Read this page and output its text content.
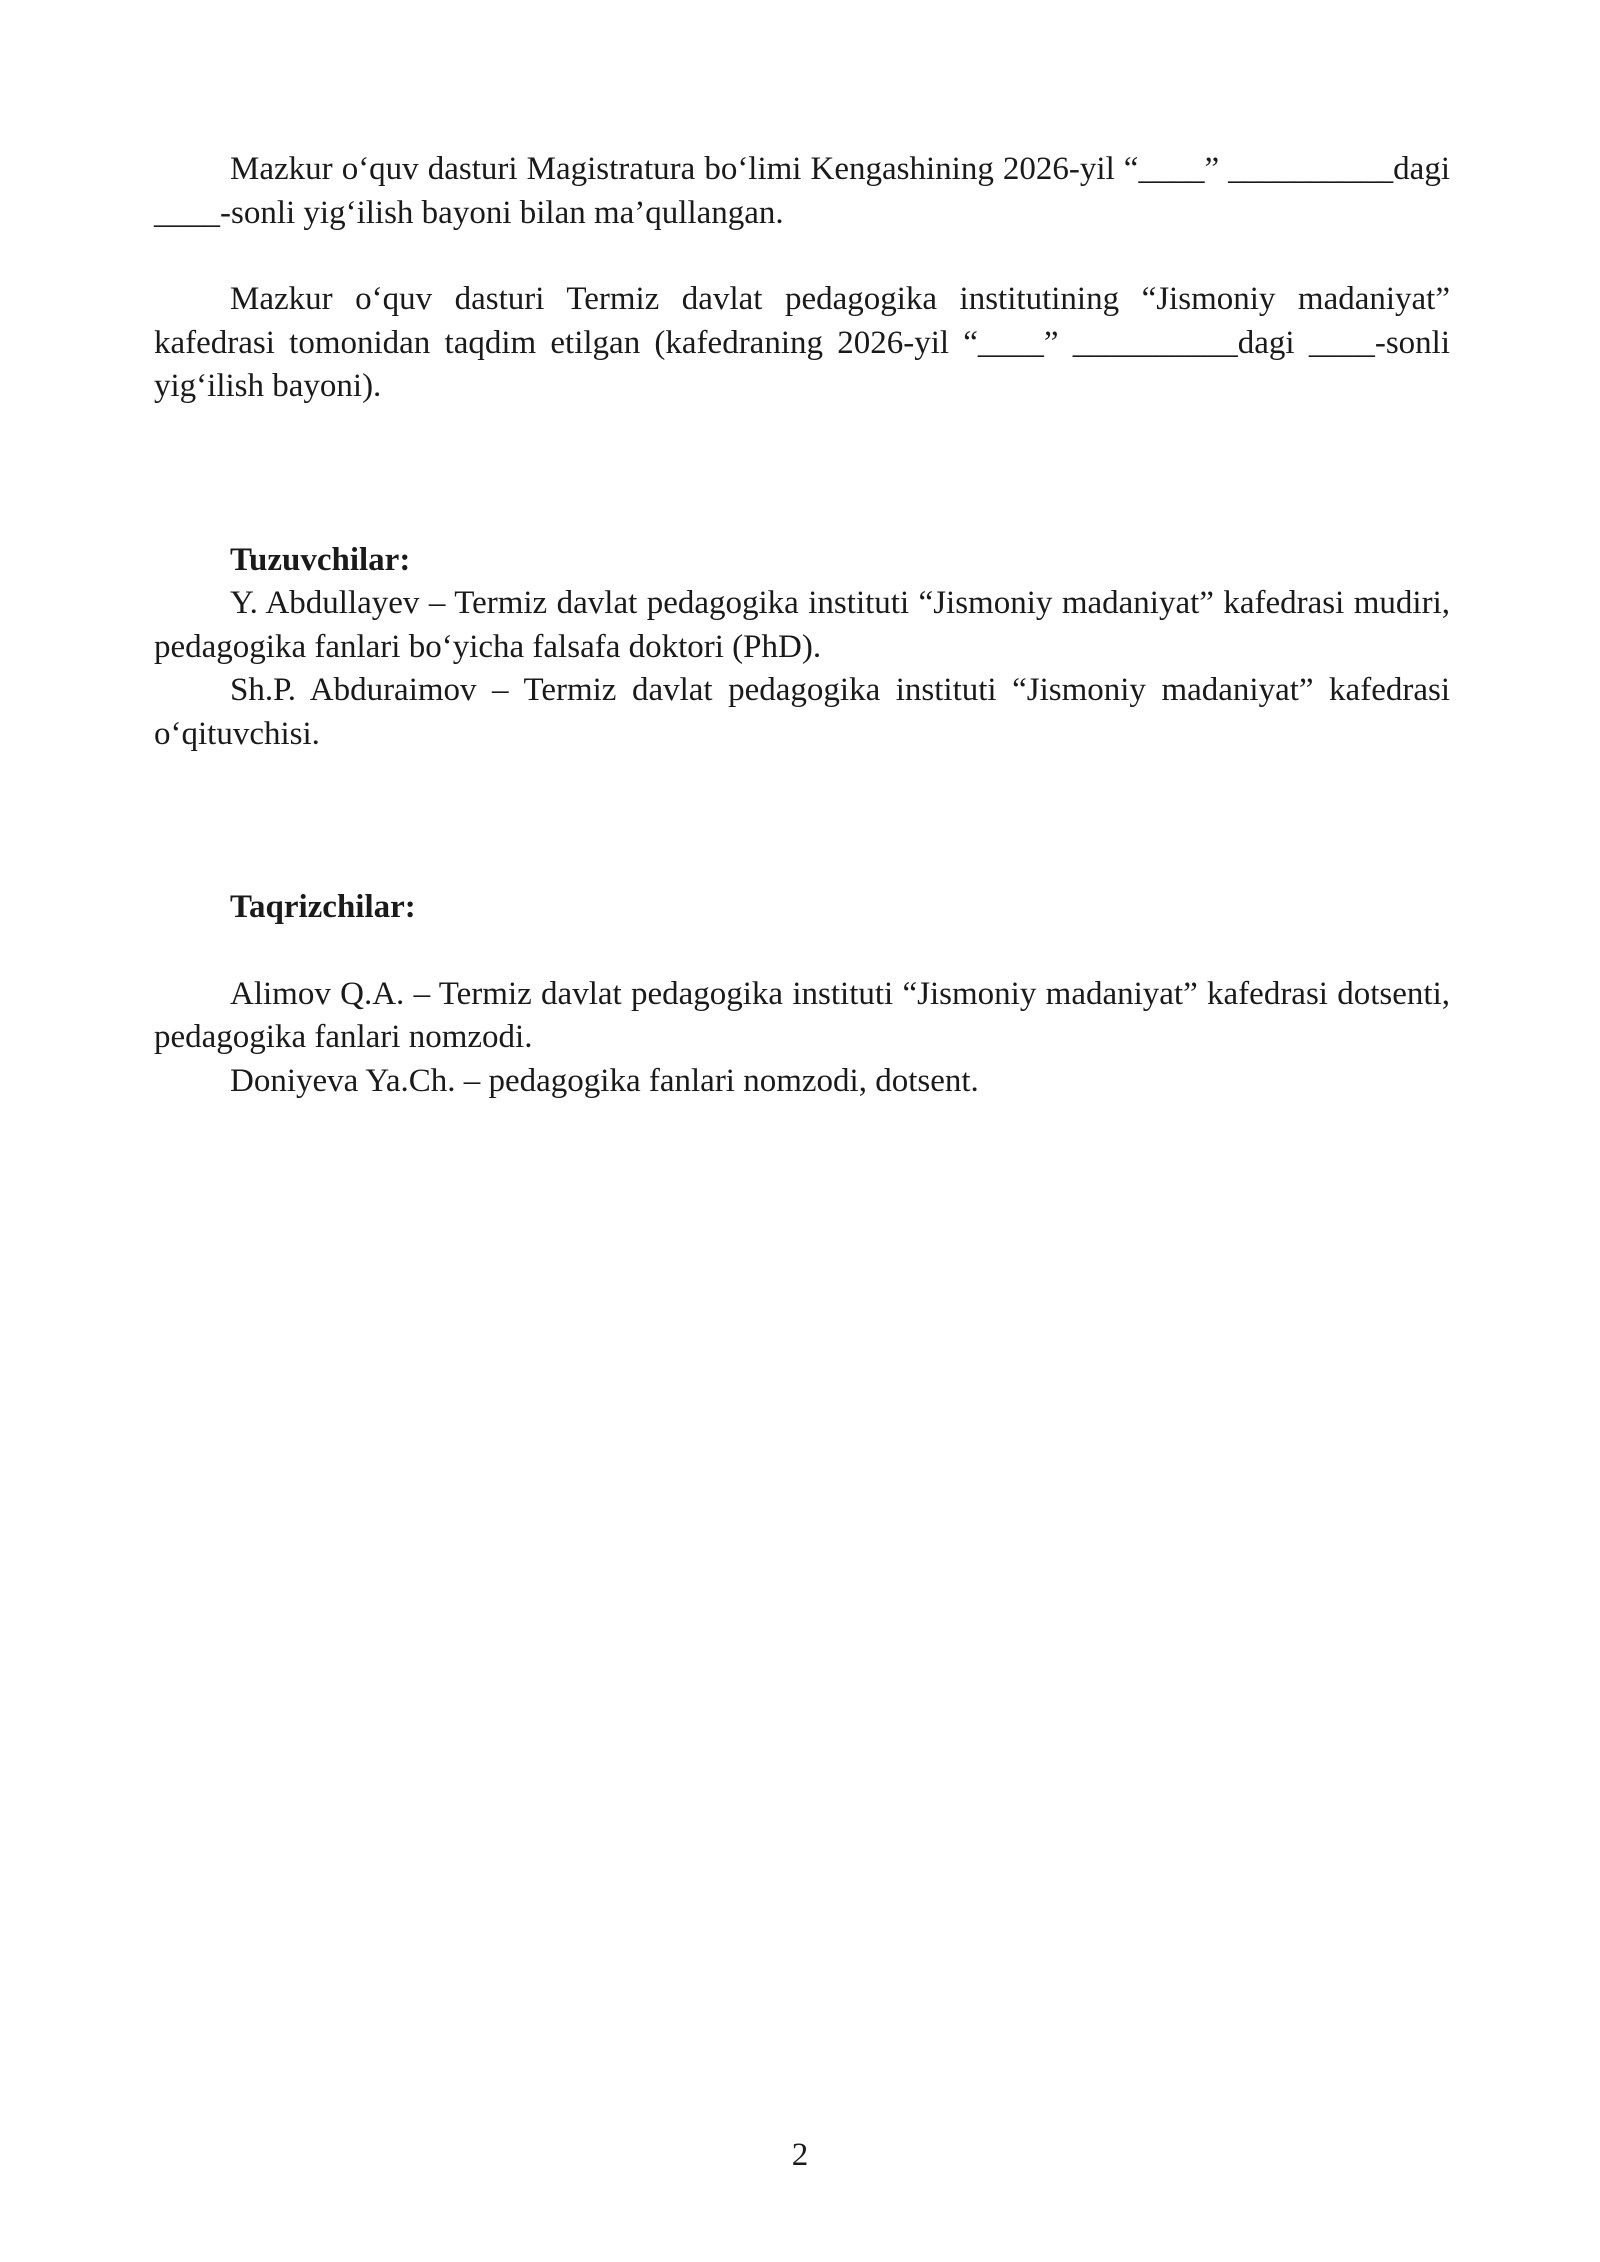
Mazkur o‘quv dasturi Magistratura bo‘limi Kengashining 2026-yil “____” __________dagi ____-sonli yig‘ilish bayoni bilan ma’qullangan.

Mazkur o‘quv dasturi Termiz davlat pedagogika institutining “Jismoniy madaniyat” kafedrasi tomonidan taqdim etilgan (kafedraning 2026-yil “____” __________dagi ____-sonli yig‘ilish bayoni).

Tuzuvchilar:

Y. Abdullayev – Termiz davlat pedagogika instituti “Jismoniy madaniyat” kafedrasi mudiri, pedagogika fanlari bo‘yicha falsafa doktori (PhD).

Sh.P. Abduraimov – Termiz davlat pedagogika instituti “Jismoniy madaniyat” kafedrasi o‘qituvchisi.

Taqrizchilar:

Alimov Q.A. – Termiz davlat pedagogika instituti “Jismoniy madaniyat” kafedrasi dotsenti, pedagogika fanlari nomzodi.

Doniyeva Ya.Ch. – pedagogika fanlari nomzodi, dotsent.

2
